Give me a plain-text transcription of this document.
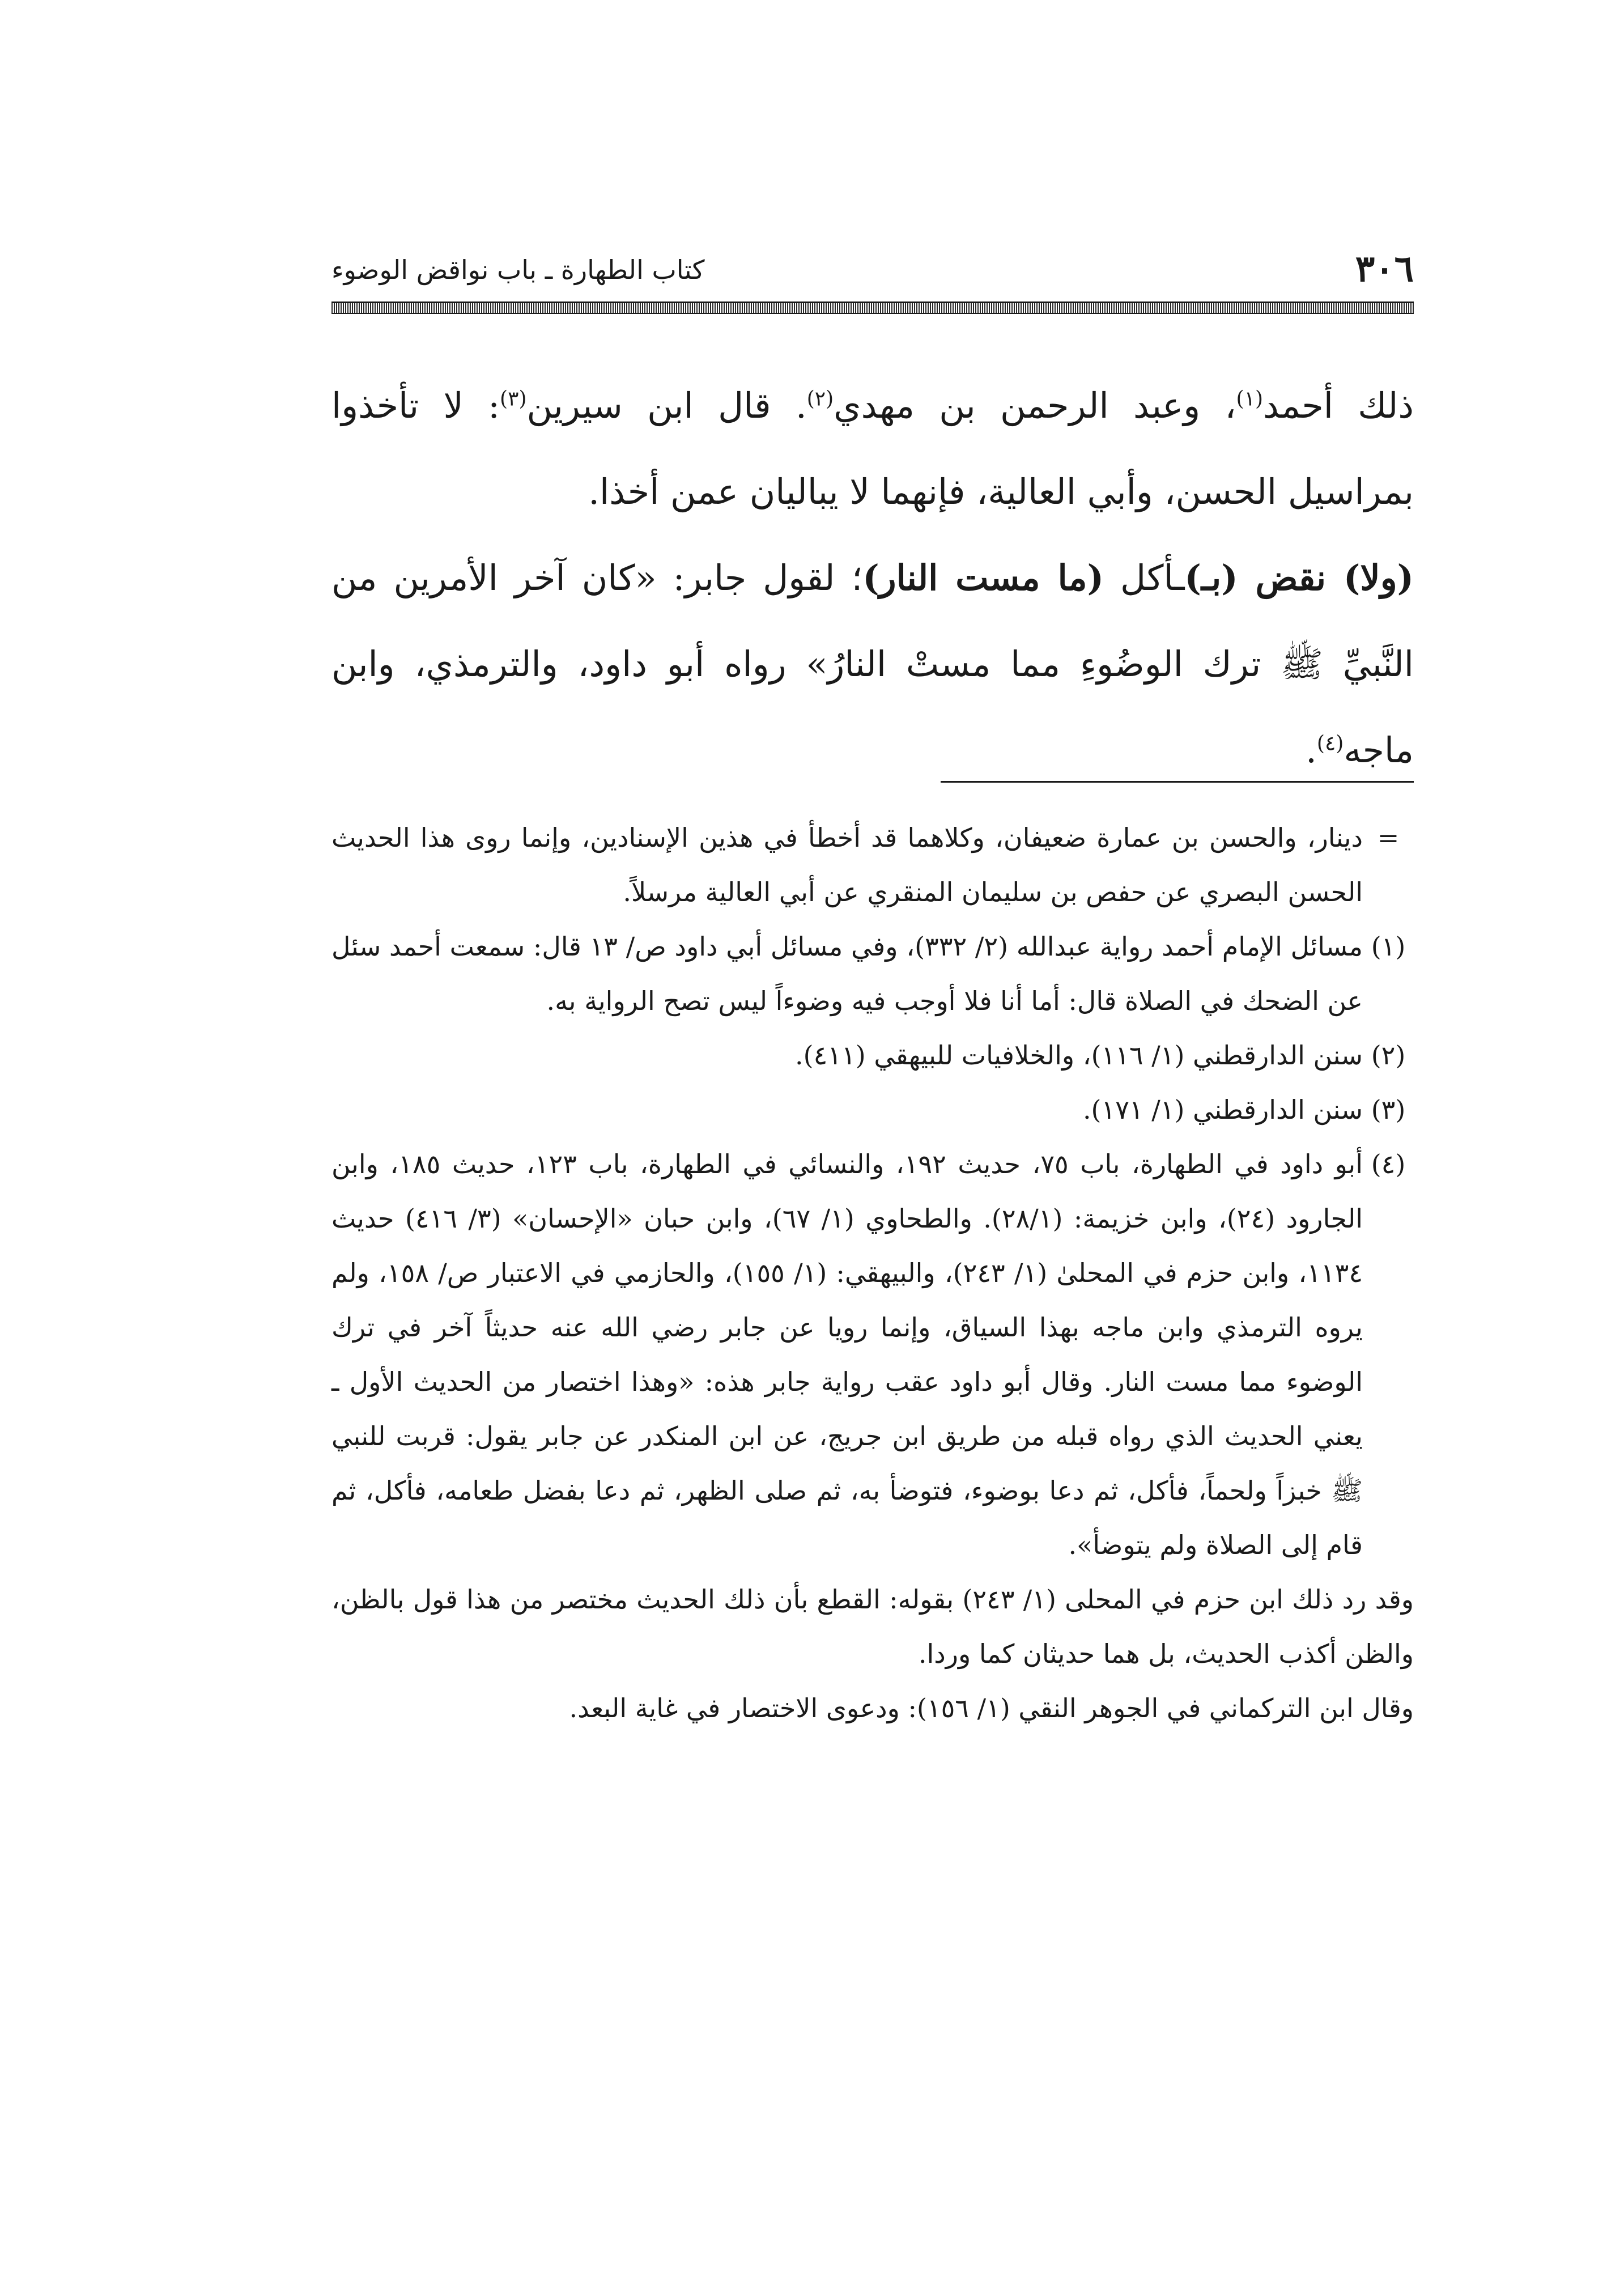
٣٠٦
كتاب الطهارة ـ باب نواقض الوضوء

ذلك أحمد$^{(١)}$، وعبد الرحمن بن مهدي$^{(٢)}$. قال ابن سيرين$^{(٣)}$: لا تأخذوا بمراسيل الحسن، وأبي العالية، فإنهما لا يباليان عمن أخذا.

(ولا) نقض (بـ)ـأكل (ما مست النار)؛ لقول جابر: «كان آخر الأمرين من النَّبيِّ ﷺ ترك الوضُوءِ مما مستْ النارُ» رواه أبو داود، والترمذي، وابن ماجه$^{(٤)}$.

=
دينار، والحسن بن عمارة ضعيفان، وكلاهما قد أخطأ في هذين الإسنادين، وإنما روى هذا الحديث الحسن البصري عن حفص بن سليمان المنقري عن أبي العالية مرسلاً.
(١)
مسائل الإمام أحمد رواية عبدالله (٢/ ٣٣٢)، وفي مسائل أبي داود ص/ ١٣ قال: سمعت أحمد سئل عن الضحك في الصلاة قال: أما أنا فلا أوجب فيه وضوءاً ليس تصح الرواية به.
(٢)
سنن الدارقطني (١/ ١١٦)، والخلافيات للبيهقي (٤١١).
(٣)
سنن الدارقطني (١/ ١٧١).
(٤)
أبو داود في الطهارة، باب ٧٥، حديث ١٩٢، والنسائي في الطهارة، باب ١٢٣، حديث ١٨٥، وابن الجارود (٢٤)، وابن خزيمة: (٢٨/١). والطحاوي (١/ ٦٧)، وابن حبان «الإحسان» (٣/ ٤١٦) حديث ١١٣٤، وابن حزم في المحلىٰ (١/ ٢٤٣)، والبيهقي: (١/ ١٥٥)، والحازمي في الاعتبار ص/ ١٥٨، ولم يروه الترمذي وابن ماجه بهذا السياق، وإنما رويا عن جابر رضي الله عنه حديثاً آخر في ترك الوضوء مما مست النار. وقال أبو داود عقب رواية جابر هذه: «وهذا اختصار من الحديث الأول ـ يعني الحديث الذي رواه قبله من طريق ابن جريج، عن ابن المنكدر عن جابر يقول: قربت للنبي ﷺ خبزاً ولحماً، فأكل، ثم دعا بوضوء، فتوضأ به، ثم صلى الظهر، ثم دعا بفضل طعامه، فأكل، ثم قام إلى الصلاة ولم يتوضأ».

وقد رد ذلك ابن حزم في المحلى (١/ ٢٤٣) بقوله: القطع بأن ذلك الحديث مختصر من هذا قول بالظن، والظن أكذب الحديث، بل هما حديثان كما وردا.

وقال ابن التركماني في الجوهر النقي (١/ ١٥٦): ودعوى الاختصار في غاية البعد.
